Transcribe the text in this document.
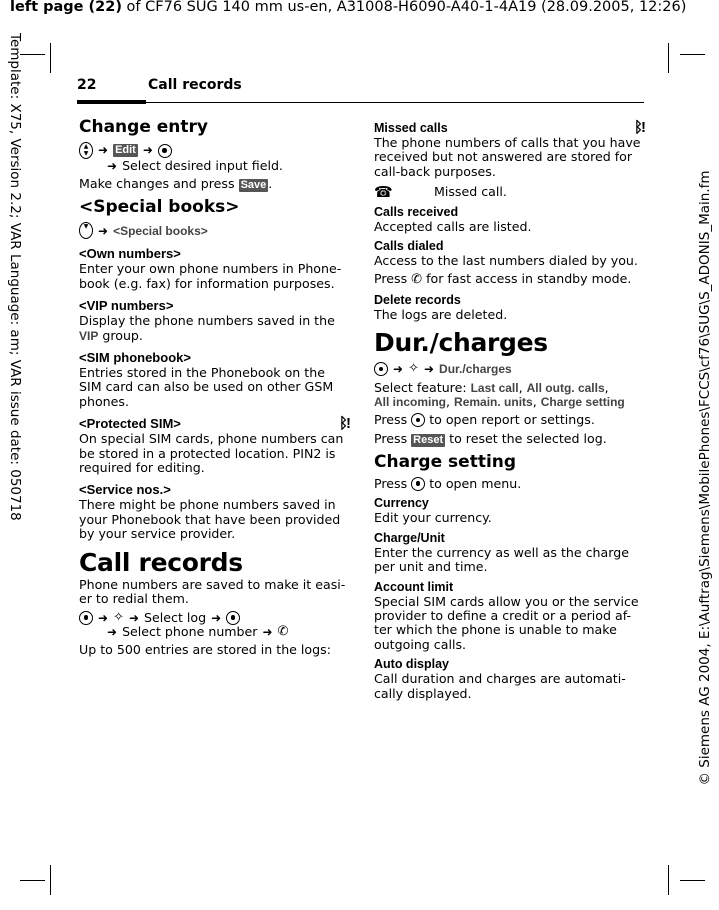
left page (22) of CF76 SUG 140 mm us-en, A31008-H6090-A40-1-4A19 (28.09.2005, 12:26)
Template: X75, Version 2.2; VAR Language: am; VAR issue date: 050718	© Siemens AG 2004, E:\Auftrag\Siemens\MobilePhones\FCCS\cf76\SUG\S_ADONIS_Main.fm
22	Call records

Change entry

▲
▼ ➜ Edit ➜
➜ Select desired input field.

Make changes and press Save .

<Special books>

▼ ➜ <Special books>

<Own numbers>

Enter your own phone numbers in Phone-

book (e.g. fax) for information purposes.

<VIP numbers>

Display the phone numbers saved in the

VIP group.

<SIM phonebook>

Entries stored in the Phonebook on the

SIM card can also be used on other GSM

phones.

<Protected SIM>	ᛒ!

On special SIM cards, phone numbers can

be stored in a protected location. PIN2 is

required for editing.

<Service nos.>

There might be phone numbers saved in

your Phonebook that have been provided

by your service provider.

Call records

Phone numbers are saved to make it easi-

er to redial them.

➜ ✧ ➜ Select log ➜
➜ Select phone number ➜ ✆

Up to 500 entries are stored in the logs:

Missed calls	ᛒ!

The phone numbers of calls that you have

received but not answered are stored for

call-back purposes.

☎	Missed call.

Calls received

Accepted calls are listed.

Calls dialed

Access to the last numbers dialed by you.

Press ✆ for fast access in standby mode.

Delete records

The logs are deleted.

Dur./charges

➜ ✧ ➜ Dur./charges

Select feature: Last call, All outg. calls,

All incoming, Remain. units, Charge setting

Press to open report or settings.

Press Reset to reset the selected log.

Charge setting

Press to open menu.

Currency

Edit your currency.

Charge/Unit

Enter the currency as well as the charge

per unit and time.

Account limit

Special SIM cards allow you or the service

provider to define a credit or a period af-

ter which the phone is unable to make

outgoing calls.

Auto display

Call duration and charges are automati-

cally displayed.
